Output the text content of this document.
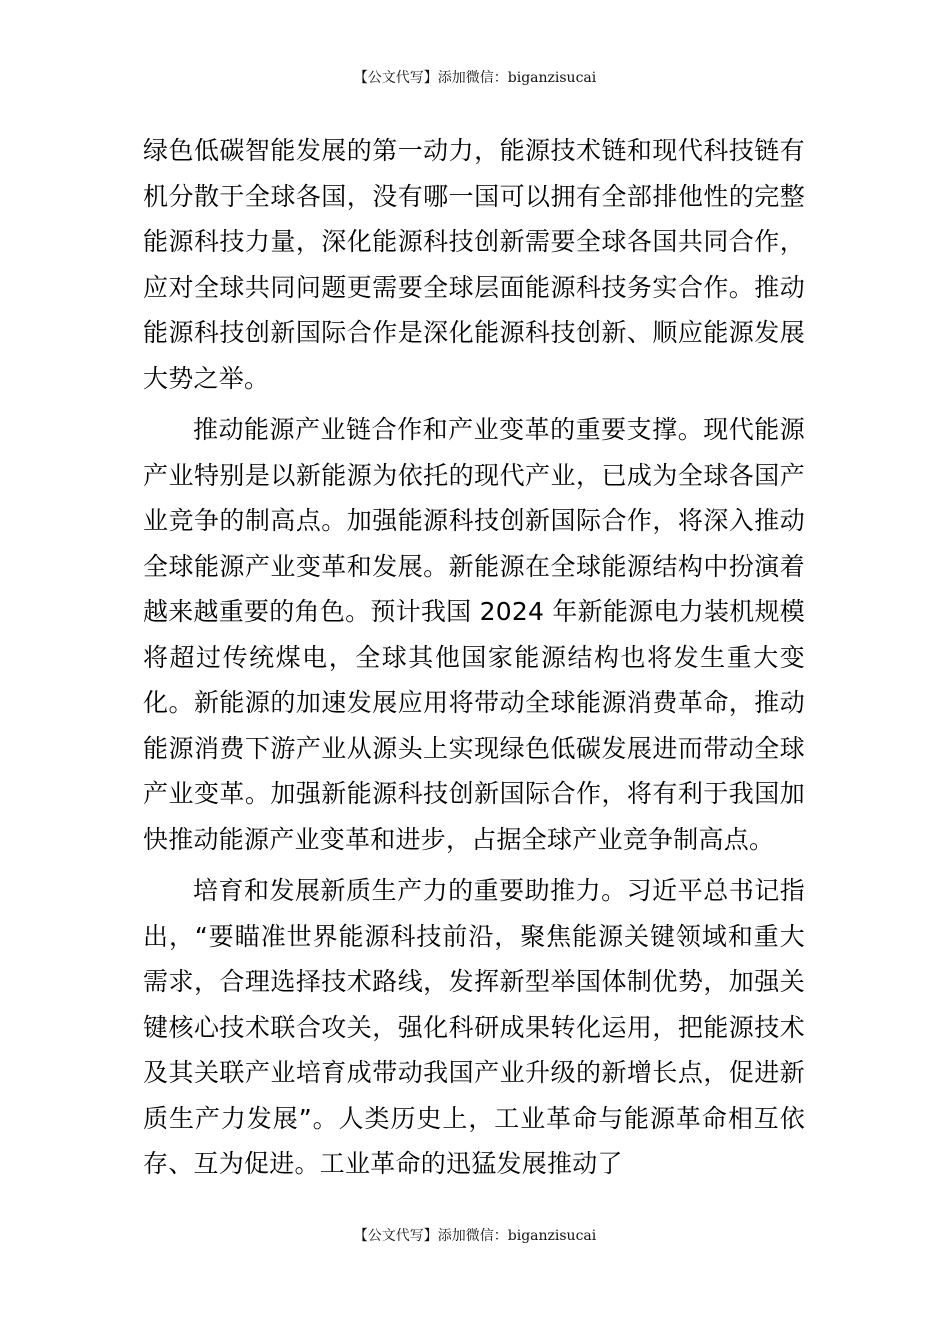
【公文代写】添加微信：biganzisucai

绿色低碳智能发展的第一动力，能源技术链和现代科技链有机分散于全球各国，没有哪一国可以拥有全部排他性的完整能源科技力量，深化能源科技创新需要全球各国共同合作，应对全球共同问题更需要全球层面能源科技务实合作。推动能源科技创新国际合作是深化能源科技创新、顺应能源发展大势之举。

推动能源产业链合作和产业变革的重要支撑。现代能源产业特别是以新能源为依托的现代产业，已成为全球各国产业竞争的制高点。加强能源科技创新国际合作，将深入推动全球能源产业变革和发展。新能源在全球能源结构中扮演着越来越重要的角色。预计我国 2024 年新能源电力装机规模将超过传统煤电，全球其他国家能源结构也将发生重大变化。新能源的加速发展应用将带动全球能源消费革命，推动能源消费下游产业从源头上实现绿色低碳发展进而带动全球产业变革。加强新能源科技创新国际合作，将有利于我国加快推动能源产业变革和进步，占据全球产业竞争制高点。

培育和发展新质生产力的重要助推力。习近平总书记指出，“要瞄准世界能源科技前沿，聚焦能源关键领域和重大需求，合理选择技术路线，发挥新型举国体制优势，加强关键核心技术联合攻关，强化科研成果转化运用，把能源技术及其关联产业培育成带动我国产业升级的新增长点，促进新质生产力发展”。人类历史上，工业革命与能源革命相互依存、互为促进。工业革命的迅猛发展推动了

【公文代写】添加微信：biganzisucai
